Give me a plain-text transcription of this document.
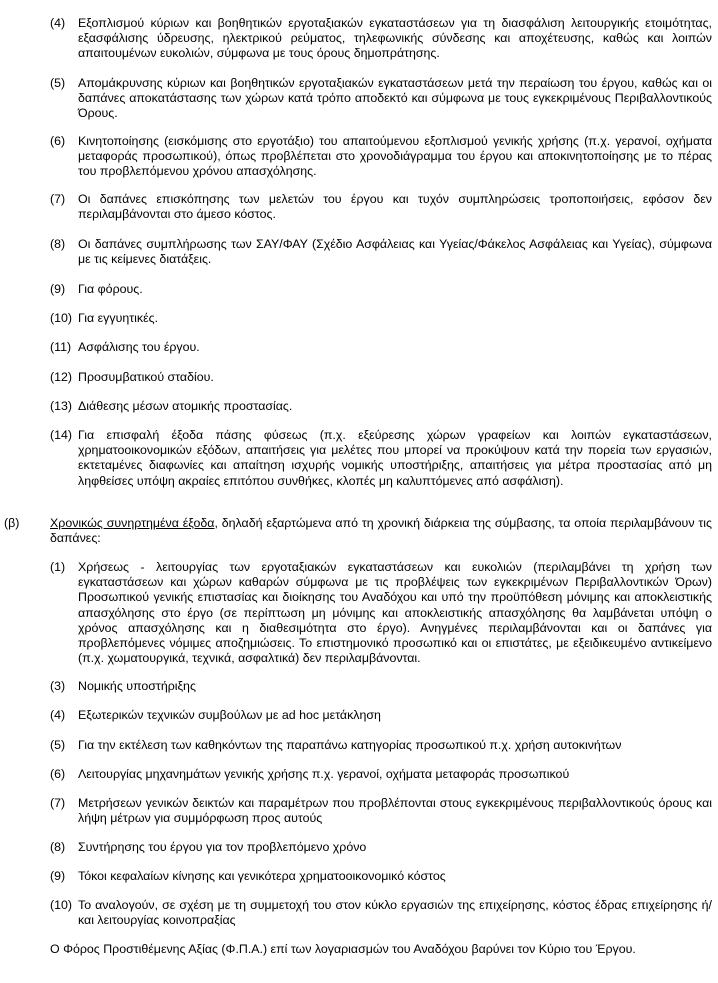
(4)	Εξοπλισμού κύριων και βοηθητικών εργοταξιακών εγκαταστάσεων για τη διασφάλιση λειτουργικής ετοιμότητας, εξασφάλισης ύδρευσης, ηλεκτρικού ρεύματος, τηλεφωνικής σύνδεσης και αποχέτευσης, καθώς και λοιπών απαιτουμένων ευκολιών, σύμφωνα με τους όρους δημοπράτησης.
(5)	Απομάκρυνσης κύριων και βοηθητικών εργοταξιακών εγκαταστάσεων μετά την περαίωση του έργου, καθώς και οι δαπάνες αποκατάστασης των χώρων κατά τρόπο αποδεκτό και σύμφωνα με τους εγκεκριμένους Περιβαλλοντικούς Όρους.
(6)	Κινητοποίησης (εισκόμισης στο εργοτάξιο) του απαιτούμενου εξοπλισμού γενικής χρήσης (π.χ. γερανοί, οχήματα μεταφοράς προσωπικού), όπως προβλέπεται στο χρονοδιάγραμμα του έργου και αποκινητοποίησης με το πέρας του προβλεπόμενου χρόνου απασχόλησης.
(7)	Οι δαπάνες επισκόπησης των μελετών του έργου και τυχόν συμπληρώσεις τροποποιήσεις, εφόσον δεν περιλαμβάνονται στο άμεσο κόστος.
(8)	Οι δαπάνες συμπλήρωσης των ΣΑΥ/ΦΑΥ (Σχέδιο Ασφάλειας και Υγείας/Φάκελος Ασφάλειας και Υγείας), σύμφωνα με τις κείμενες διατάξεις.
(9)	Για φόρους.
(10) Για εγγυητικές.
(11) Ασφάλισης του έργου.
(12) Προσυμβατικού σταδίου.
(13) Διάθεσης μέσων ατομικής προστασίας.
(14) Για επισφαλή έξοδα πάσης φύσεως (π.χ. εξεύρεσης χώρων γραφείων και λοιπών εγκαταστάσεων, χρηματοοικονομικών εξόδων, απαιτήσεις για μελέτες που μπορεί να προκύψουν κατά την πορεία των εργασιών, εκτεταμένες διαφωνίες και απαίτηση ισχυρής νομικής υποστήριξης, απαιτήσεις για μέτρα προστασίας από μη ληφθείσες υπόψη ακραίες επιτόπου συνθήκες, κλοπές μη καλυπτόμενες από ασφάλιση).
(β)	Χρονικώς συνηρτημένα έξοδα, δηλαδή εξαρτώμενα από τη χρονική διάρκεια της σύμβασης, τα οποία περιλαμβάνουν τις δαπάνες:
(1)	Χρήσεως - λειτουργίας των εργοταξιακών εγκαταστάσεων και ευκολιών (περιλαμβάνει τη χρήση των εγκαταστάσεων και χώρων καθαρών σύμφωνα με τις προβλέψεις των εγκεκριμένων Περιβαλλοντικών Όρων) Προσωπικού γενικής επιστασίας και διοίκησης του Αναδόχου και υπό την προϋπόθεση μόνιμης και αποκλειστικής απασχόλησης στο έργο (σε περίπτωση μη μόνιμης και αποκλειστικής απασχόλησης θα λαμβάνεται υπόψη ο χρόνος απασχόλησης και η διαθεσιμότητα στο έργο). Ανηγμένες περιλαμβάνονται και οι δαπάνες για προβλεπόμενες νόμιμες αποζημιώσεις. Το επιστημονικό προσωπικό και οι επιστάτες, με εξειδικευμένο αντικείμενο (π.χ. χωματουργικά, τεχνικά, ασφαλτικά) δεν περιλαμβάνονται.
(3)	Νομικής υποστήριξης
(4)	Εξωτερικών τεχνικών συμβούλων με ad hoc μετάκληση
(5)	Για την εκτέλεση των καθηκόντων της παραπάνω κατηγορίας προσωπικού π.χ. χρήση αυτοκινήτων
(6)	Λειτουργίας μηχανημάτων γενικής χρήσης π.χ. γερανοί, οχήματα μεταφοράς προσωπικού
(7)	Μετρήσεων γενικών δεικτών και παραμέτρων που προβλέπονται στους εγκεκριμένους περιβαλλοντικούς όρους και λήψη μέτρων για συμμόρφωση προς αυτούς
(8)	Συντήρησης του έργου για τον προβλεπόμενο χρόνο
(9)	Τόκοι κεφαλαίων κίνησης και γενικότερα χρηματοοικονομικό κόστος
(10) Το αναλογούν, σε σχέση με τη συμμετοχή του στον κύκλο εργασιών της επιχείρησης, κόστος έδρας επιχείρησης ή/και λειτουργίας κοινοπραξίας
Ο Φόρος Προστιθέμενης Αξίας (Φ.Π.Α.) επί των λογαριασμών του Αναδόχου βαρύνει τον Κύριο του Έργου.
